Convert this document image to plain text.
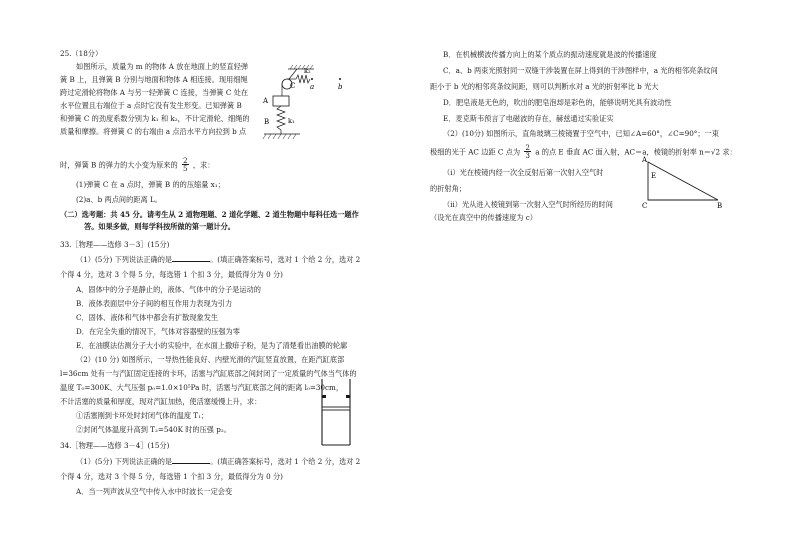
25.（18分）
如图所示，质量为 m 的物体 A 放在地面上的竖直轻弹
簧 B 上，且弹簧 B 分别与地面和物体 A 相连接。现用细绳
跨过定滑轮将物体 A 与另一轻弹簧 C 连接，当弹簧 C 处在
水平位置且右端位于 a 点时它没有发生形变。已知弹簧 B
和弹簧 C 的劲度系数分别为 k₁ 和 k₂，不计定滑轮、细绳的
质量和摩擦。将弹簧 C 的右端由 a 点沿水平方向拉到 b 点
时，弹簧 B 的弹力的大小变为原来的 $\frac{2}{5}$ ，求：
(1)弹簧 C 在 a 点时，弹簧 B 的的压缩量 x₁；
(2)a、b 两点间的距离 L。
（二）选考题：共 45 分。请考生从 2 道物理题、2 道化学题、2 道生物题中每科任选一题作
答。如果多做，则每学科按所做的第一题计分。
33.［物理——选修 3－3］(15分)
（1）(5分) 下列说法正确的是	。(填正确答案标号，选对 1 个给 2 分，选对 2
个得 4 分，选对 3 个得 5 分，每选错 1 个扣 3 分，最低得分为 0 分)
A．固体中的分子是静止的，液体、气体中的分子是运动的
B．液体表面层中分子间的相互作用力表现为引力
C．固体、液体和气体中都会有扩散现象发生
D．在完全失重的情况下，气体对容器壁的压强为零
E．在油膜法估测分子大小的实验中，在水面上撒痱子粉，是为了清楚看出油膜的轮廓
（2）(10 分) 如图所示，一导热性能良好、内壁光滑的汽缸竖直放置，在距汽缸底部
l=36cm 处有一与汽缸固定连接的卡环，活塞与汽缸底部之间封闭了一定质量的气体当气体的
温度 T₀=300K、大气压强 p₀=1.0×10⁵Pa 时，活塞与汽缸底部之间的距离 l₀=30cm，
不计活塞的质量和厚度，现对汽缸加热，使活塞缓慢上升，求：
①活塞刚到卡环处时封闭气体的温度 T₁；
②封闭气体温度升高到 T₂=540K 时的压强 p₂。
34.［物理——选修 3－4］(15分)
（1）(5分) 下列说法正确的是	。(填正确答案标号，选对 1 个给 2 分，选对 2
个得 4 分，选对 3 个得 5 分，每选错 1 个扣 3 分，最低得分为 0 分)
A．当一列声波从空气中传入水中时波长一定会变
C
A
B	k₁
k₂
a	b
B．在机械横波传播方向上的某个质点的振动速度就是波的传播速度
C．a、b 两束光照射同一双缝干涉装置在屏上得到的干涉图样中，a 光的相邻亮条纹间
距小于 b 光的相邻亮条纹间距，则可以判断水对 a 光的折射率比 b 光大
D．肥皂液是无色的，吹出的肥皂泡却是彩色的，能够说明光具有波动性
E．麦克斯韦预言了电磁波的存在，赫兹通过实验证实
（2）(10分) 如图所示，直角玻璃三棱镜置于空气中，已知∠A=60°，∠C=90°；一束
极细的光于 AC 边距 C 点为 $\frac{2}{3}$ a 的点 E 垂直 AC 面入射，AC＝a，棱镜的折射率 n＝√2 求：
（i）光在棱镜内经一次全反射后第一次射入空气时
的折射角；
（ii）光从进入棱镜到第一次射入空气时所经历的时间
（设光在真空中的传播速度为 c）
A
E
C	B
